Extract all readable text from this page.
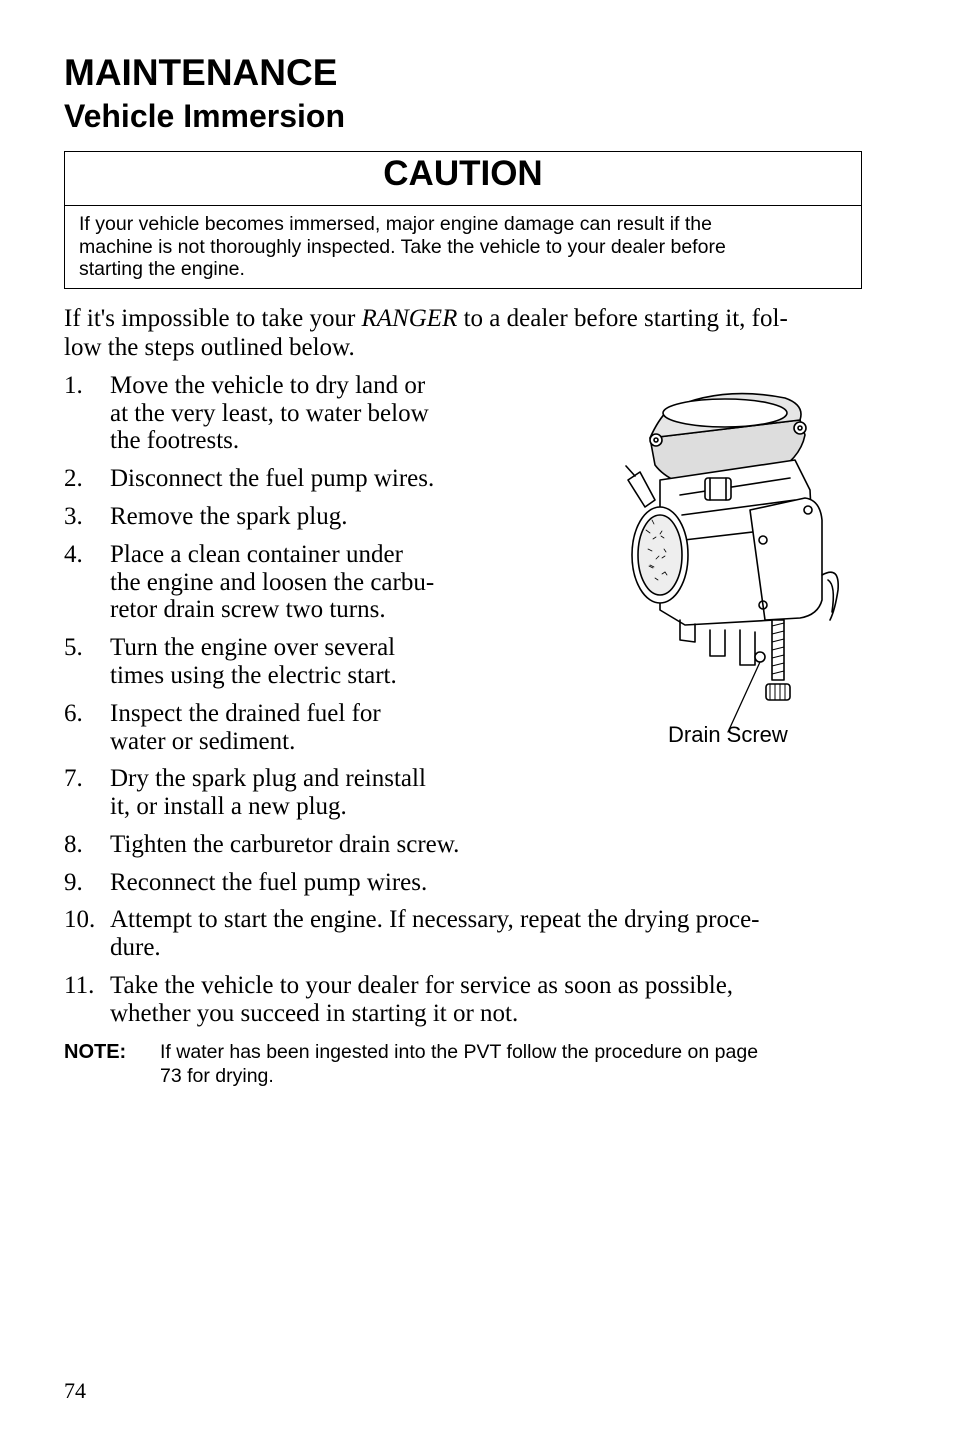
MAINTENANCE
Vehicle Immersion
CAUTION
If your vehicle becomes immersed, major engine damage can result if the
machine is not thoroughly inspected. Take the vehicle to your dealer before
starting the engine.
If it's impossible to take your RANGER to a dealer before starting it, fol-
low the steps outlined below.
1. Move the vehicle to dry land or
at the very least, to water below
the footrests.
2. Disconnect the fuel pump wires.
3. Remove the spark plug.
4. Place a clean container under
the engine and loosen the carbu-
retor drain screw two turns.
5. Turn the engine over several
times using the electric start.
6. Inspect the drained fuel for
water or sediment.
7. Dry the spark plug and reinstall
it, or install a new plug.
8. Tighten the carburetor drain screw.
9. Reconnect the fuel pump wires.
10. Attempt to start the engine. If necessary, repeat the drying proce-
dure.
11. Take the vehicle to your dealer for service as soon as possible,
whether you succeed in starting it or not.
Drain Screw
NOTE: If water has been ingested into the PVT follow the procedure on page
73 for drying.
74
